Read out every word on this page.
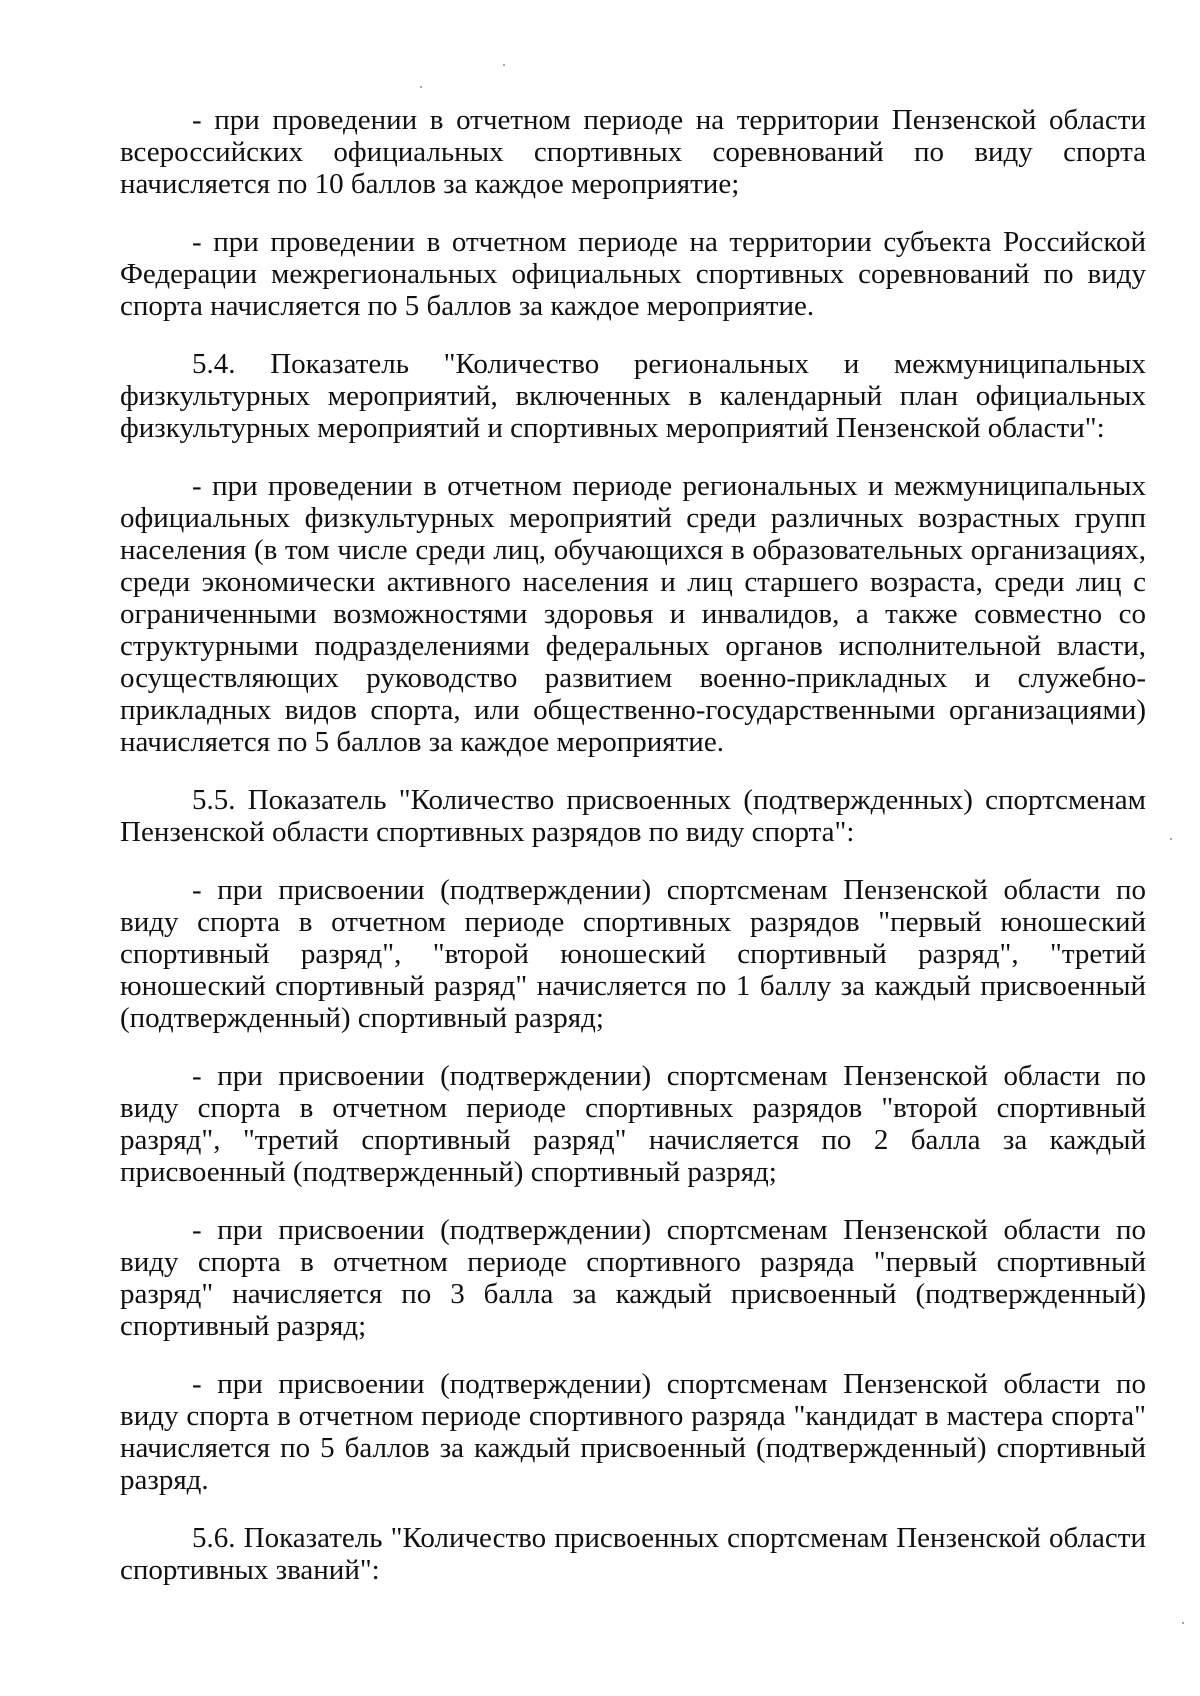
- при проведении в отчетном периоде на территории Пензенской области всероссийских официальных спортивных соревнований по виду спорта начисляется по 10 баллов за каждое мероприятие;

- при проведении в отчетном периоде на территории субъекта Российской Федерации межрегиональных официальных спортивных соревнований по виду спорта начисляется по 5 баллов за каждое мероприятие.

5.4. Показатель "Количество региональных и межмуниципальных физкультурных мероприятий, включенных в календарный план официальных физкультурных мероприятий и спортивных мероприятий Пензенской области":

- при проведении в отчетном периоде региональных и межмуниципальных официальных физкультурных мероприятий среди различных возрастных групп населения (в том числе среди лиц, обучающихся в образовательных организациях, среди экономически активного населения и лиц старшего возраста, среди лиц с ограниченными возможностями здоровья и инвалидов, а также совместно со структурными подразделениями федеральных органов исполнительной власти, осуществляющих руководство развитием военно-прикладных и служебно-прикладных видов спорта, или общественно-государственными организациями) начисляется по 5 баллов за каждое мероприятие.

5.5. Показатель "Количество присвоенных (подтвержденных) спортсменам Пензенской области спортивных разрядов по виду спорта":

- при присвоении (подтверждении) спортсменам Пензенской области по виду спорта в отчетном периоде спортивных разрядов "первый юношеский спортивный разряд", "второй юношеский спортивный разряд", "третий юношеский спортивный разряд" начисляется по 1 баллу за каждый присвоенный (подтвержденный) спортивный разряд;

- при присвоении (подтверждении) спортсменам Пензенской области по виду спорта в отчетном периоде спортивных разрядов "второй спортивный разряд", "третий спортивный разряд" начисляется по 2 балла за каждый присвоенный (подтвержденный) спортивный разряд;

- при присвоении (подтверждении) спортсменам Пензенской области по виду спорта в отчетном периоде спортивного разряда "первый спортивный разряд" начисляется по 3 балла за каждый присвоенный (подтвержденный) спортивный разряд;

- при присвоении (подтверждении) спортсменам Пензенской области по виду спорта в отчетном периоде спортивного разряда "кандидат в мастера спорта" начисляется по 5 баллов за каждый присвоенный (подтвержденный) спортивный разряд.

5.6. Показатель "Количество присвоенных спортсменам Пензенской области спортивных званий":
